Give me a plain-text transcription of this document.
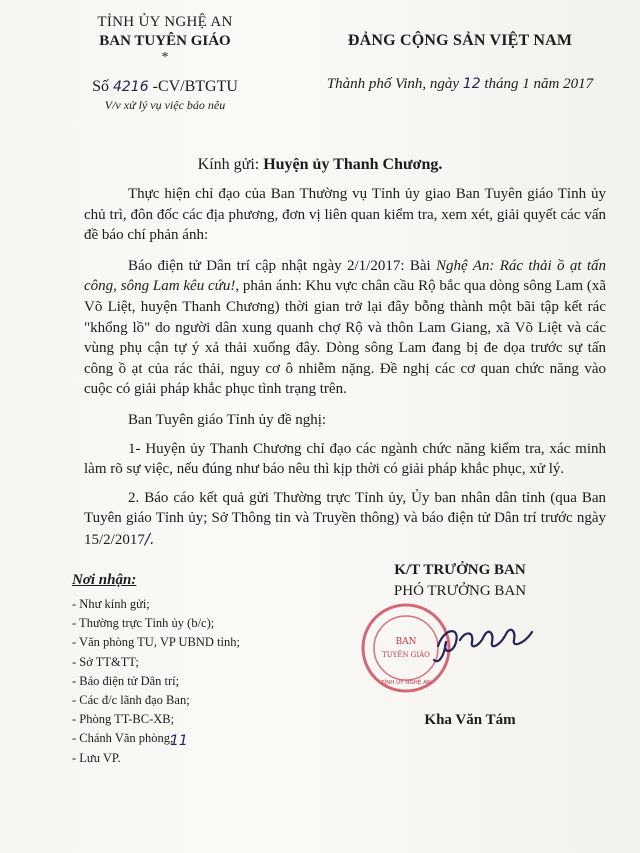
TỈNH ỦY NGHỆ AN
BAN TUYÊN GIÁO
*
Số 4216 -CV/BTGTU
V/v xử lý vụ việc báo nêu
ĐẢNG CỘNG SẢN VIỆT NAM
Thành phố Vinh, ngày 12 tháng 1 năm 2017
Kính gửi: Huyện ủy Thanh Chương.

Thực hiện chỉ đạo của Ban Thường vụ Tỉnh ủy giao Ban Tuyên giáo Tỉnh ủy chủ trì, đôn đốc các địa phương, đơn vị liên quan kiểm tra, xem xét, giải quyết các vấn đề báo chí phản ánh:

Báo điện tử Dân trí cập nhật ngày 2/1/2017: Bài Nghệ An: Rác thải ồ ạt tấn công, sông Lam kêu cứu!, phản ánh: Khu vực chân cầu Rộ bắc qua dòng sông Lam (xã Võ Liệt, huyện Thanh Chương) thời gian trở lại đây bỗng thành một bãi tập kết rác "khổng lồ" do người dân xung quanh chợ Rộ và thôn Lam Giang, xã Võ Liệt và các vùng phụ cận tự ý xả thải xuống đây. Dòng sông Lam đang bị đe dọa trước sự tấn công ồ ạt của rác thải, nguy cơ ô nhiễm nặng. Đề nghị các cơ quan chức năng vào cuộc có giải pháp khắc phục tình trạng trên.

Ban Tuyên giáo Tỉnh ủy đề nghị:

1- Huyện ủy Thanh Chương chỉ đạo các ngành chức năng kiểm tra, xác minh làm rõ sự việc, nếu đúng như báo nêu thì kịp thời có giải pháp khắc phục, xử lý.

2. Báo cáo kết quả gửi Thường trực Tỉnh ủy, Ủy ban nhân dân tỉnh (qua Ban Tuyên giáo Tỉnh ủy; Sở Thông tin và Truyền thông) và báo điện tử Dân trí trước ngày 15/2/2017/.

K/T TRƯỞNG BAN
PHÓ TRƯỞNG BAN
BAN
TUYÊN GIÁO
TỈNH ỦY NGHỆ AN
Kha Văn Tám
Nơi nhận:
- Như kính gửi;
- Thường trực Tỉnh ủy (b/c);
- Văn phòng TU, VP UBND tỉnh;
- Sở TT&TT;
- Báo điện tử Dân trí;
- Các đ/c lãnh đạo Ban;
- Phòng TT-BC-XB;
- Chánh Văn phòng;
- Lưu VP.
11
